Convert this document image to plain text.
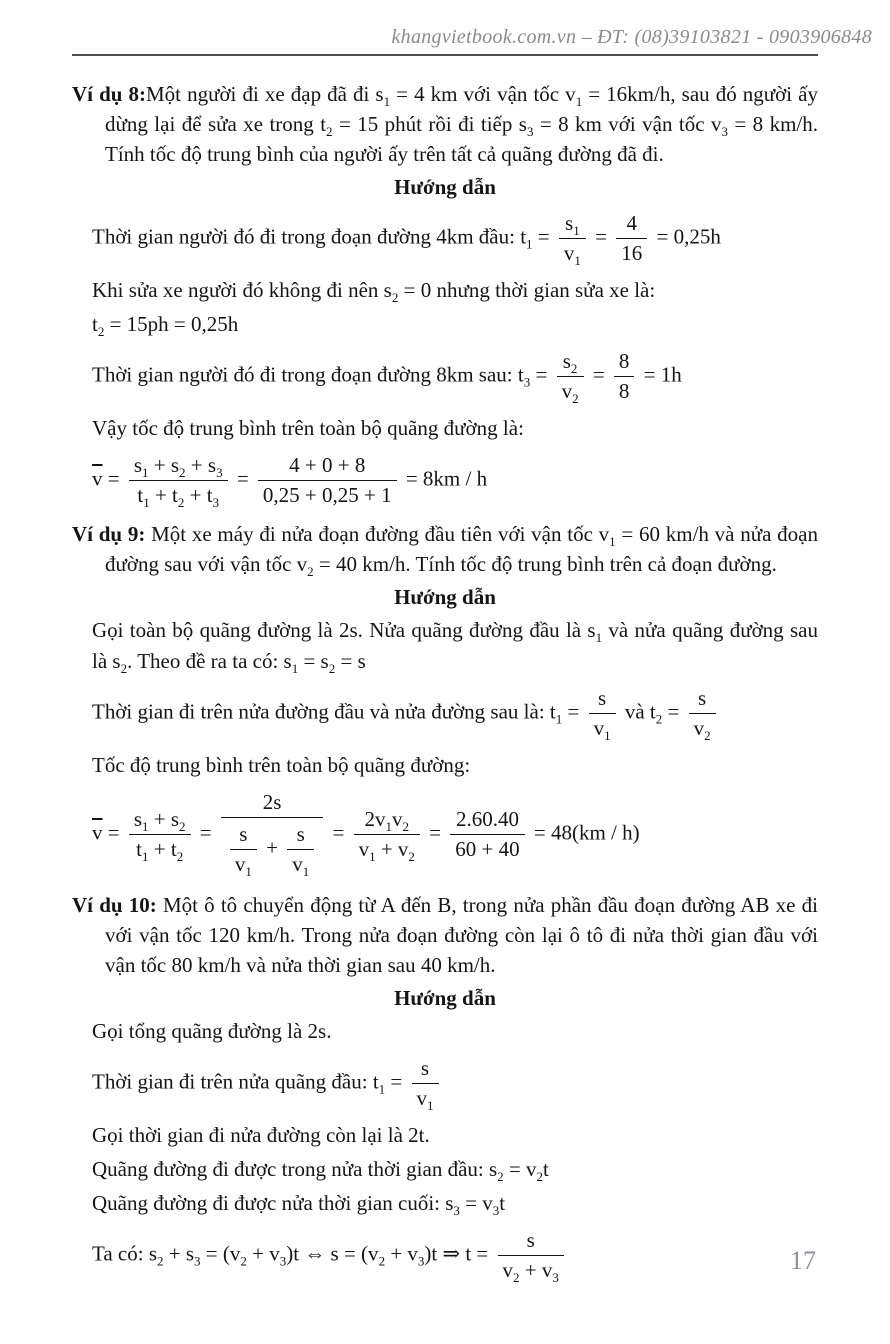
khangvietbook.com.vn – ĐT: (08)39103821 - 0903906848
Ví dụ 8:Một người đi xe đạp đã đi $s_1 = 4$ km với vận tốc $v_1 = 16km/h$, sau đó người ấy dừng lại để sửa xe trong $t_2 = 15$ phút rồi đi tiếp $s_3 = 8$ km với vận tốc $v_3 = 8$ km/h. Tính tốc độ trung bình của người ấy trên tất cả quãng đường đã đi.
Hướng dẫn
Thời gian người đó đi trong đoạn đường 4km đầu: $t_1 = \frac{s_1}{v_1} = \frac{4}{16} = 0,25h$
Khi sửa xe người đó không đi nên $s_2 = 0$ nhưng thời gian sửa xe là:
$t_2 = 15ph = 0,25h$
Thời gian người đó đi trong đoạn đường 8km sau: $t_3 = \frac{s_2}{v_2} = \frac{8}{8} = 1h$
Vậy tốc độ trung bình trên toàn bộ quãng đường là:
$\overline{v} = \frac{s_1 + s_2 + s_3}{t_1 + t_2 + t_3} = \frac{4 + 0 + 8}{0,25 + 0,25 + 1} = 8km / h$
Ví dụ 9: Một xe máy đi nửa đoạn đường đầu tiên với vận tốc $v_1 = 60$ km/h và nửa đoạn đường sau với vận tốc $v_2 = 40$ km/h. Tính tốc độ trung bình trên cả đoạn đường.
Hướng dẫn
Gọi toàn bộ quãng đường là 2s. Nửa quãng đường đầu là $s_1$ và nửa quãng đường sau là $s_2$. Theo đề ra ta có: $s_1 = s_2 = s$
Thời gian đi trên nửa đường đầu và nửa đường sau là: $t_1 = \frac{s}{v_1}$ và $t_2 = \frac{s}{v_2}$
Tốc độ trung bình trên toàn bộ quãng đường:
$\overline{v} = \frac{s_1 + s_2}{t_1 + t_2} = \frac{2s}{\frac{s}{v_1} + \frac{s}{v_1}} = \frac{2v_1v_2}{v_1 + v_2} = \frac{2.60.40}{60 + 40} = 48(km / h)$
Ví dụ 10: Một ô tô chuyển động từ A đến B, trong nửa phần đầu đoạn đường AB xe đi với vận tốc 120 km/h. Trong nửa đoạn đường còn lại ô tô đi nửa thời gian đầu với vận tốc 80 km/h và nửa thời gian sau 40 km/h.
Hướng dẫn
Gọi tổng quãng đường là 2s.
Thời gian đi trên nửa quãng đầu: $t_1 = \frac{s}{v_1}$
Gọi thời gian đi nửa đường còn lại là 2t.
Quãng đường đi được trong nửa thời gian đầu: $s_2 = v_2t$
Quãng đường đi được nửa thời gian cuối: $s_3 = v_3t$
Ta có: $s_2 + s_3 = (v_2 + v_3)t$ ⇔ $s = (v_2 + v_3)t$ ⇒ $t = \frac{s}{v_2 + v_3}$	17
